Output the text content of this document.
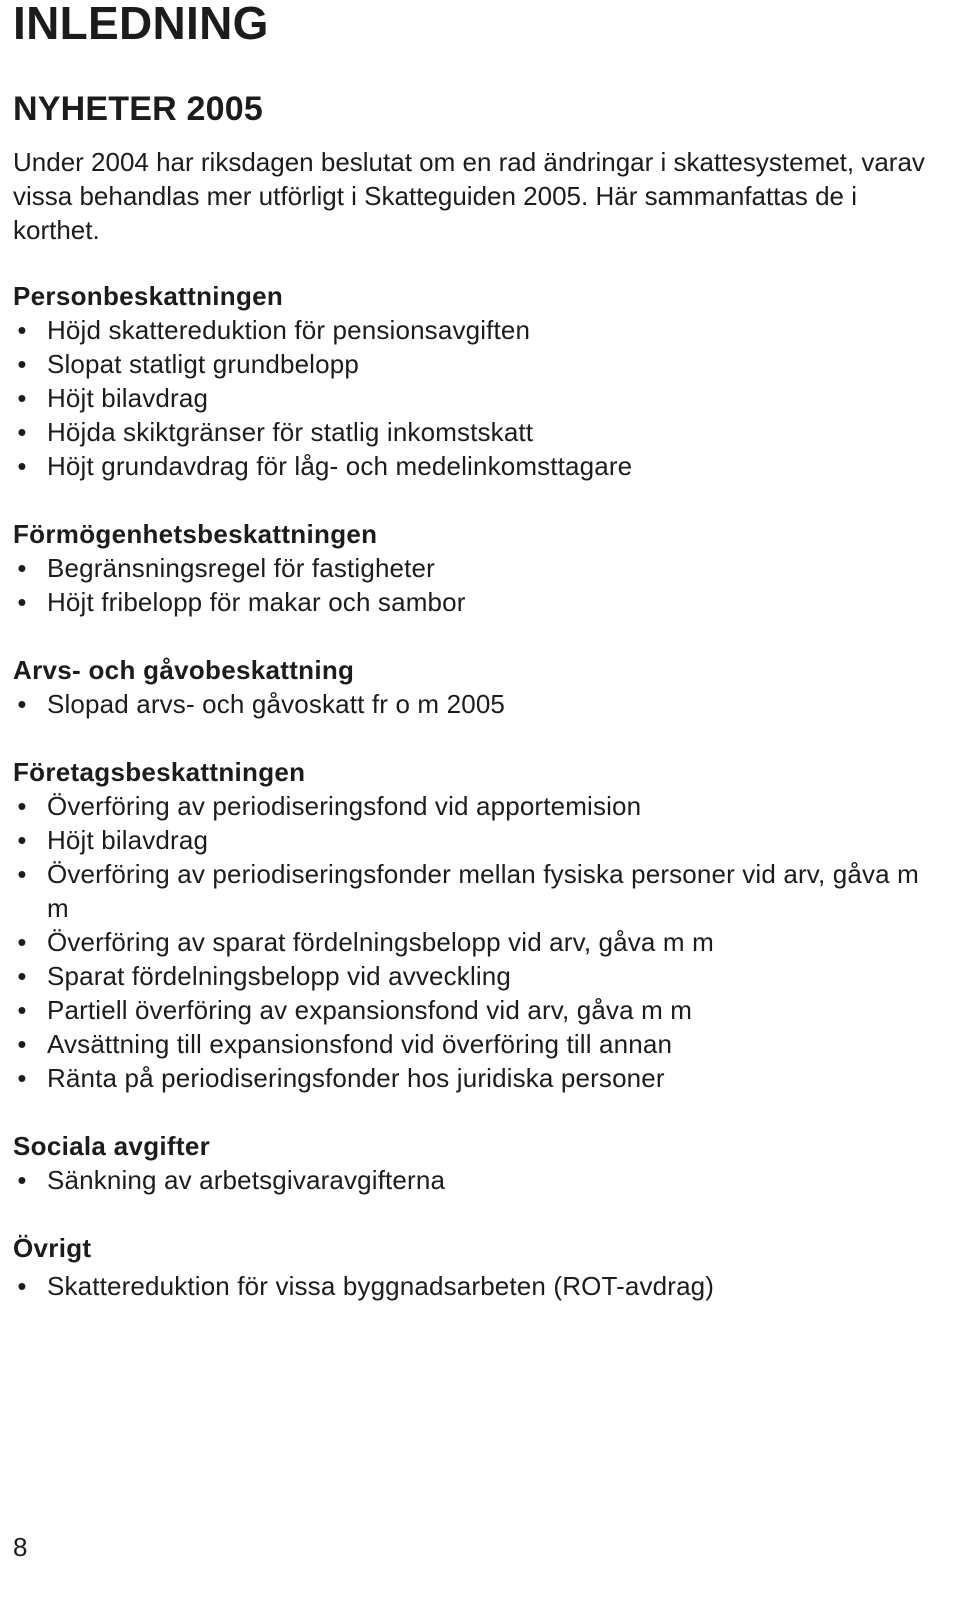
INLEDNING
NYHETER 2005

Under 2004 har riksdagen beslutat om en rad ändringar i skattesystemet, varav vissa behandlas mer utförligt i Skatteguiden 2005. Här sammanfattas de i korthet.

Personbeskattningen
• Höjd skattereduktion för pensionsavgiften
• Slopat statligt grundbelopp
• Höjt bilavdrag
• Höjda skiktgränser för statlig inkomstskatt
• Höjt grundavdrag för låg- och medelinkomsttagare
Förmögenhetsbeskattningen
• Begränsningsregel för fastigheter
• Höjt fribelopp för makar och sambor
Arvs- och gåvobeskattning
• Slopad arvs- och gåvoskatt fr o m 2005
Företagsbeskattningen
• Överföring av periodiseringsfond vid apportemision
• Höjt bilavdrag
• Överföring av periodiseringsfonder mellan fysiska personer vid arv, gåva m m
• Överföring av sparat fördelningsbelopp vid arv, gåva m m
• Sparat fördelningsbelopp vid avveckling
• Partiell överföring av expansionsfond vid arv, gåva m m
• Avsättning till expansionsfond vid överföring till annan
• Ränta på periodiseringsfonder hos juridiska personer
Sociala avgifter
• Sänkning av arbetsgivaravgifterna
Övrigt
• Skattereduktion för vissa byggnadsarbeten (ROT-avdrag)

8
